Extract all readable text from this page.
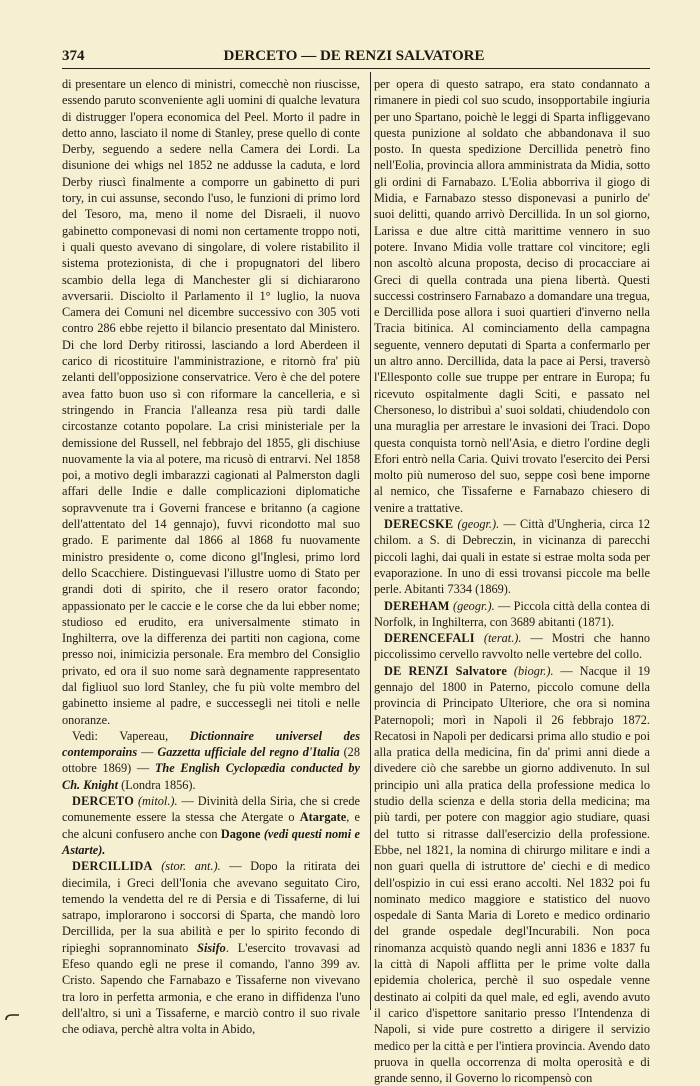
374	DERCETO — DE RENZI SALVATORE

di presentare un elenco di ministri, comecchè non riuscisse, essendo paruto sconveniente agli uomini di qualche levatura di distrugger l'opera economica del Peel. Morto il padre in detto anno, lasciato il nome di Stanley, prese quello di conte Derby, seguendo a sedere nella Camera dei Lordi. La disunione dei whigs nel 1852 ne addusse la caduta, e lord Derby riuscì finalmente a comporre un gabinetto di puri tory, in cui assunse, secondo l'uso, le funzioni di primo lord del Tesoro, ma, meno il nome del Disraeli, il nuovo gabinetto componevasi di nomi non certamente troppo noti, i quali questo avevano di singolare, di volere ristabilito il sistema protezionista, di che i propugnatori del libero scambio della lega di Manchester gli si dichiararono avversarii. Disciolto il Parlamento il 1° luglio, la nuova Camera dei Comuni nel dicembre successivo con 305 voti contro 286 ebbe rejetto il bilancio presentato dal Ministero. Di che lord Derby ritirossi, lasciando a lord Aberdeen il carico di ricostituire l'amministrazione, e ritornò fra' più zelanti dell'opposizione conservatrice. Vero è che del potere avea fatto buon uso sì con riformare la cancelleria, e sì stringendo in Francia l'alleanza resa più tardi dalle circostanze cotanto popolare. La crisi ministeriale per la demissione del Russell, nel febbrajo del 1855, gli dischiuse nuovamente la via al potere, ma ricusò di entrarvi. Nel 1858 poi, a motivo degli imbarazzi cagionati al Palmerston dagli affari delle Indie e dalle complicazioni diplomatiche sopravvenute tra i Governi francese e britanno (a cagione dell'attentato del 14 gennajo), fuvvi ricondotto mal suo grado. E parimente dal 1866 al 1868 fu nuovamente ministro presidente o, come dicono gl'Inglesi, primo lord dello Scacchiere. Distinguevasi l'illustre uomo di Stato per grandi doti di spirito, che il resero orator facondo; appassionato per le caccie e le corse che da lui ebber nome; studioso ed erudito, era universalmente stimato in Inghilterra, ove la differenza dei partiti non cagiona, come presso noi, inimicizia personale. Era membro del Consiglio privato, ed ora il suo nome sarà degnamente rappresentato dal figliuol suo lord Stanley, che fu più volte membro del gabinetto insieme al padre, e successegli nei titoli e nelle onoranze.

Vedi: Vapereau, Dictionnaire universel des contemporains — Gazzetta ufficiale del regno d'Italia (28 ottobre 1869) — The English Cyclopædia conducted by Ch. Knight (Londra 1856).

DERCETO (mitol.). — Divinità della Siria, che si crede comunemente essere la stessa che Atergate o Atargate, e che alcuni confusero anche con Dagone (vedi questi nomi e Astarte).

DERCILLIDA (stor. ant.). — Dopo la ritirata dei diecimila, i Greci dell'Ionia che avevano seguitato Ciro, temendo la vendetta del re di Persia e di Tissaferne, di lui satrapo, implorarono i soccorsi di Sparta, che mandò loro Dercillida, per la sua abilità e per lo spirito fecondo di ripieghi soprannominato Sisifo. L'esercito trovavasi ad Efeso quando egli ne prese il comando, l'anno 399 av. Cristo. Sapendo che Farnabazo e Tissaferne non vivevano tra loro in perfetta armonia, e che erano in diffidenza l'uno dell'altro, si unì a Tissaferne, e marciò contro il suo rivale che odiava, perchè altra volta in Abido,

per opera di questo satrapo, era stato condannato a rimanere in piedi col suo scudo, insopportabile ingiuria per uno Spartano, poichè le leggi di Sparta infliggevano questa punizione al soldato che abbandonava il suo posto. In questa spedizione Dercillida penetrò fino nell'Eolia, provincia allora amministrata da Midia, sotto gli ordini di Farnabazo. L'Eolia abborriva il giogo di Midia, e Farnabazo stesso disponevasi a punirlo de' suoi delitti, quando arrivò Dercillida. In un sol giorno, Larissa e due altre città marittime vennero in suo potere. Invano Midia volle trattare col vincitore; egli non ascoltò alcuna proposta, deciso di procacciare ai Greci di quella contrada una piena libertà. Questi successi costrinsero Farnabazo a domandare una tregua, e Dercillida pose allora i suoi quartieri d'inverno nella Tracia bitinica. Al cominciamento della campagna seguente, vennero deputati di Sparta a confermarlo per un altro anno. Dercillida, data la pace ai Persi, traversò l'Ellesponto colle sue truppe per entrare in Europa; fu ricevuto ospitalmente dagli Sciti, e passato nel Chersoneso, lo distribuì a' suoi soldati, chiudendolo con una muraglia per arrestare le invasioni dei Traci. Dopo questa conquista tornò nell'Asia, e dietro l'ordine degli Efori entrò nella Caria. Quivi trovato l'esercito dei Persi molto più numeroso del suo, seppe così bene imporne al nemico, che Tissaferne e Farnabazo chiesero di venire a trattative.

DERECSKE (geogr.). — Città d'Ungheria, circa 12 chilom. a S. di Debreczin, in vicinanza di parecchi piccoli laghi, dai quali in estate si estrae molta soda per evaporazione. In uno di essi trovansi piccole ma belle perle. Abitanti 7334 (1869).

DEREHAM (geogr.). — Piccola città della contea di Norfolk, in Inghilterra, con 3689 abitanti (1871).

DERENCEFALI (terat.). — Mostri che hanno piccolissimo cervello ravvolto nelle vertebre del collo.

DE RENZI Salvatore (biogr.). — Nacque il 19 gennajo del 1800 in Paterno, piccolo comune della provincia di Principato Ulteriore, che ora si nomina Paternopoli; morì in Napoli il 26 febbrajo 1872. Recatosi in Napoli per dedicarsi prima allo studio e poi alla pratica della medicina, fin da' primi anni diede a divedere ciò che sarebbe un giorno addivenuto. In sul principio unì alla pratica della professione medica lo studio della scienza e della storia della medicina; ma più tardi, per potere con maggior agio studiare, quasi del tutto si ritrasse dall'esercizio della professione. Ebbe, nel 1821, la nomina di chirurgo militare e indi a non guari quella di istruttore de' ciechi e di medico dell'ospizio in cui essi erano accolti. Nel 1832 poi fu nominato medico maggiore e statistico del nuovo ospedale di Santa Maria di Loreto e medico ordinario del grande ospedale degl'Incurabili. Non poca rinomanza acquistò quando negli anni 1836 e 1837 fu la città di Napoli afflitta per le prime volte dalla epidemia cholerica, perchè il suo ospedale venne destinato ai colpiti da quel male, ed egli, avendo avuto il carico d'ispettore sanitario presso l'Intendenza di Napoli, si vide pure costretto a dirigere il servizio medico per la città e per l'intiera provincia. Avendo dato pruova in quella occorrenza di molta operosità e di grande senno, il Governo lo ricompensò con
